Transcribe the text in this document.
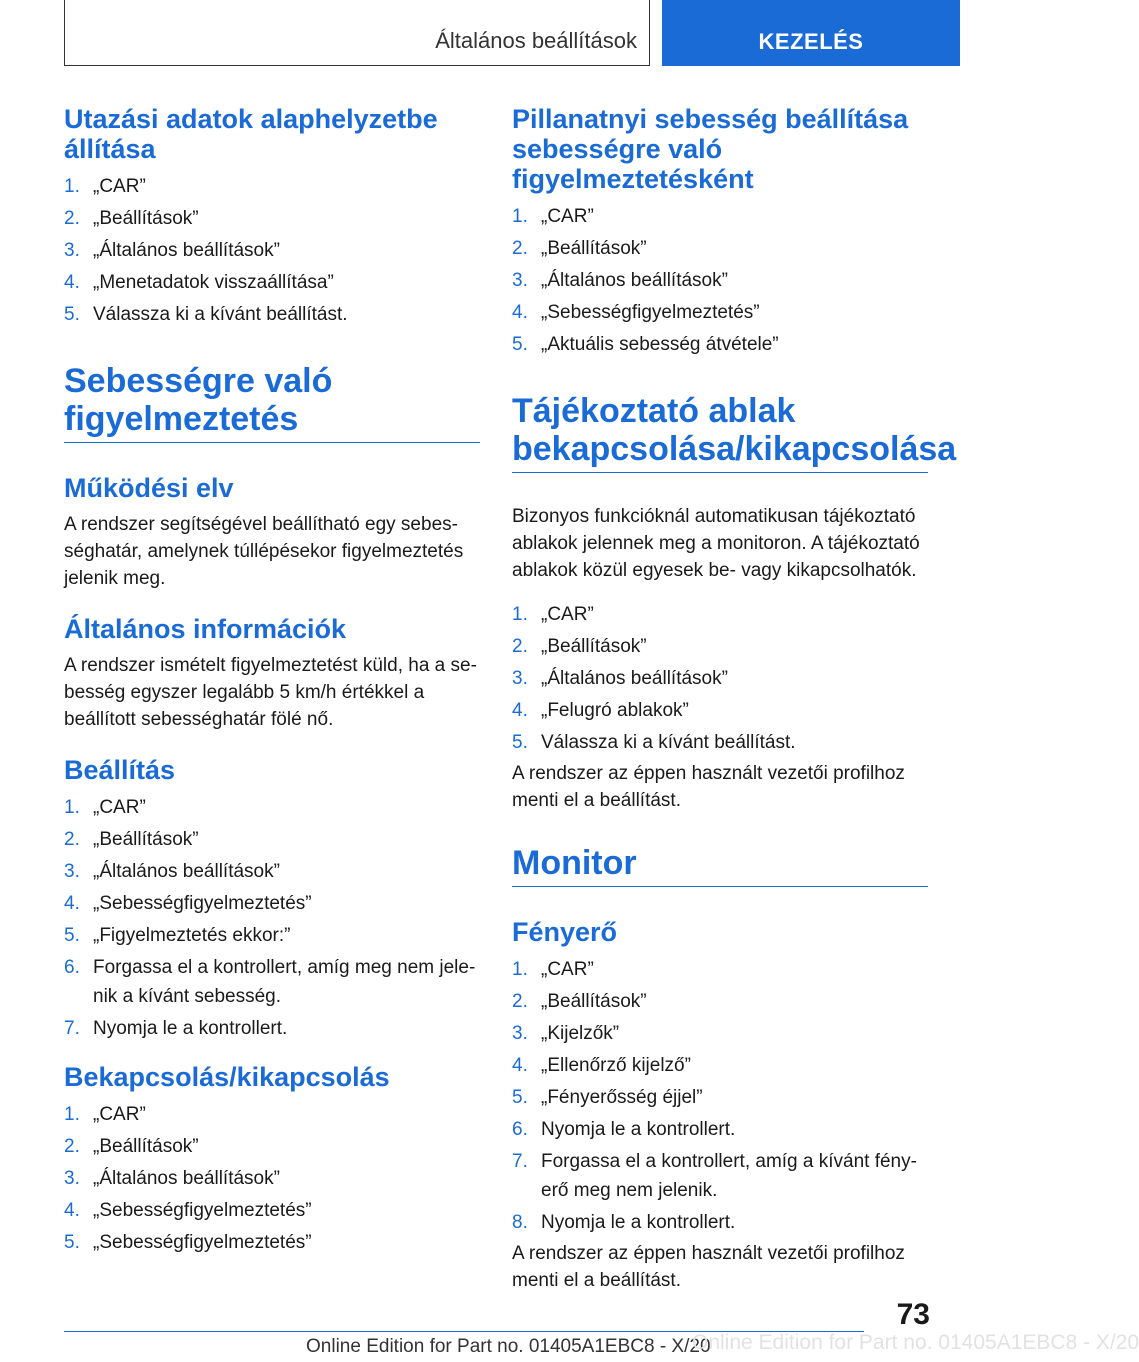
Általános beállítások	KEZELÉS
Utazási adatok alaphelyzetbe állítása
1. „CAR”
2. „Beállítások”
3. „Általános beállítások”
4. „Menetadatok visszaállítása”
5. Válassza ki a kívánt beállítást.
Sebességre való figyelmeztetés
Működési elv

A rendszer segítségével beállítható egy sebességhatár, amelynek túllépésekor figyelmeztetés jelenik meg.

Általános információk

A rendszer ismételt figyelmeztetést küld, ha a sebesség egyszer legalább 5 km/h értékkel a beállított sebességhatár fölé nő.

Beállítás
1. „CAR”
2. „Beállítások”
3. „Általános beállítások”
4. „Sebességfigyelmeztetés”
5. „Figyelmeztetés ekkor:”
6. Forgassa el a kontrollert, amíg meg nem jelenik a kívánt sebesség.
7. Nyomja le a kontrollert.
Bekapcsolás/kikapcsolás
1. „CAR”
2. „Beállítások”
3. „Általános beállítások”
4. „Sebességfigyelmeztetés”
5. „Sebességfigyelmeztetés”
Pillanatnyi sebesség beállítása sebességre való figyelmeztetésként
1. „CAR”
2. „Beállítások”
3. „Általános beállítások”
4. „Sebességfigyelmeztetés”
5. „Aktuális sebesség átvétele”
Tájékoztató ablak bekapcsolása/kikapcsolása

Bizonyos funkcióknál automatikusan tájékoztató ablakok jelennek meg a monitoron. A tájékoztató ablakok közül egyesek be- vagy kikapcsolhatók.

1. „CAR”
2. „Beállítások”
3. „Általános beállítások”
4. „Felugró ablakok”
5. Válassza ki a kívánt beállítást.

A rendszer az éppen használt vezetői profilhoz menti el a beállítást.

Monitor
Fényerő
1. „CAR”
2. „Beállítások”
3. „Kijelzők”
4. „Ellenőrző kijelző”
5. „Fényerősség éjjel”
6. Nyomja le a kontrollert.
7. Forgassa el a kontrollert, amíg a kívánt fényerő meg nem jelenik.
8. Nyomja le a kontrollert.

A rendszer az éppen használt vezetői profilhoz menti el a beállítást.

73
Online Edition for Part no. 01405A1EBC8 - X/20
Online Edition for Part no. 01405A1EBC8 - X/20
